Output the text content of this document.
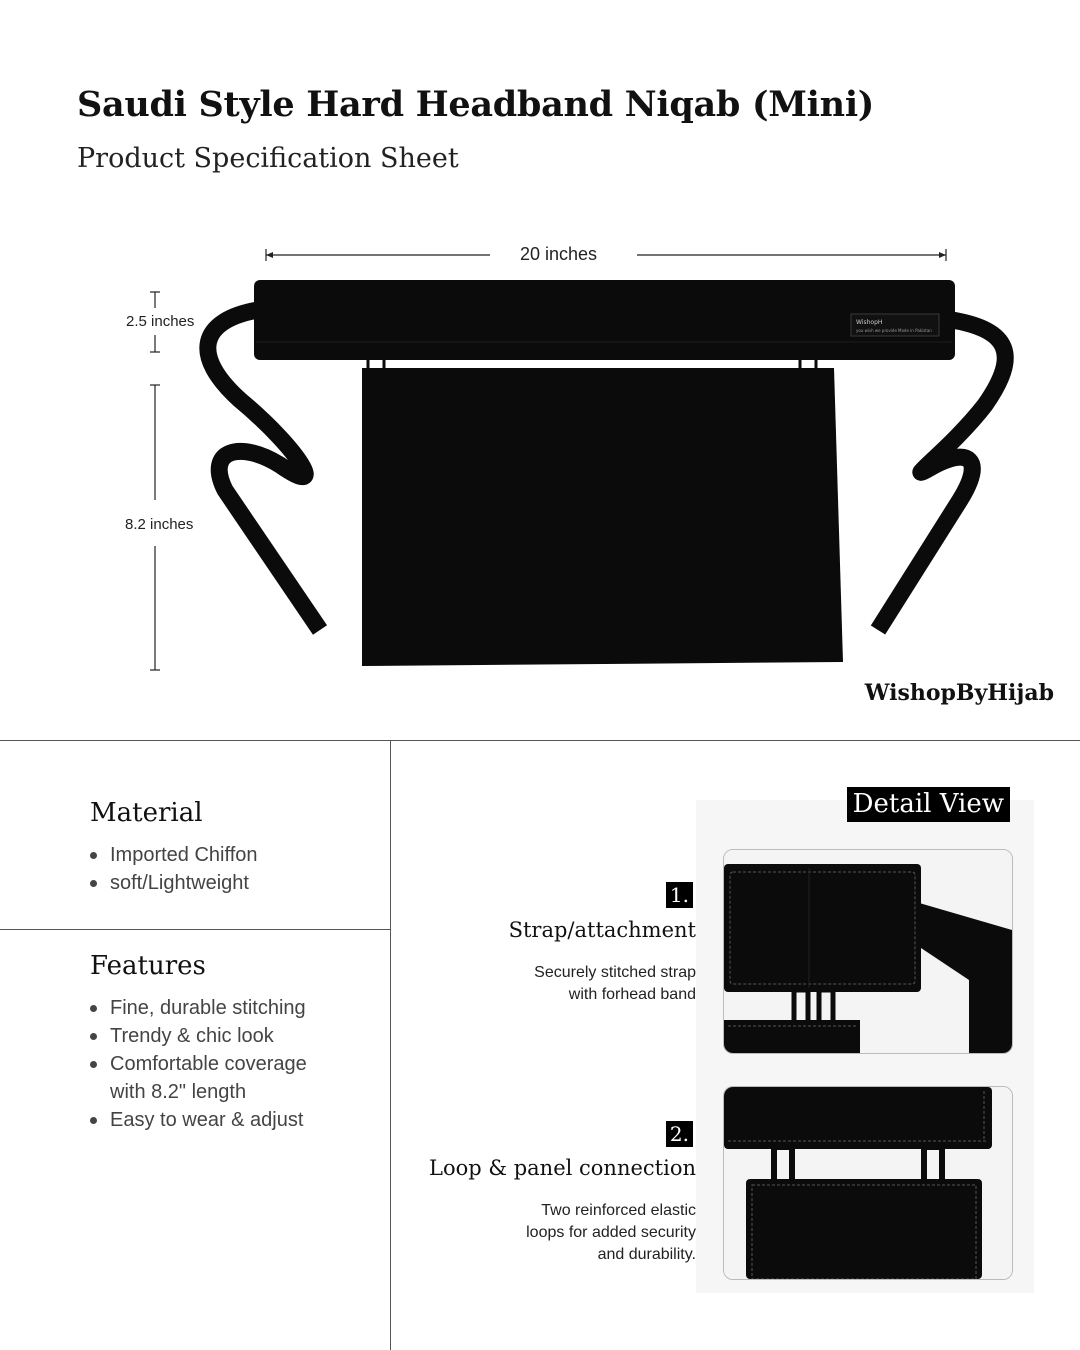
Saudi Style Hard Headband Niqab (Mini)
Product Specification Sheet
WishopH
you wish we provide Made in Pakistan
20 inches
2.5 inches
8.2 inches
WishopByHijab
Material
Imported Chiffon
soft/Lightweight
Features
Fine, durable stitching
Trendy & chic look
Comfortable coverage
with 8.2" length
Easy to wear & adjust
Detail View
1.
Strap/attachment

Securely stitched strap
with forhead band

2.
Loop & panel connection

Two reinforced elastic
loops for added security
and durability.
